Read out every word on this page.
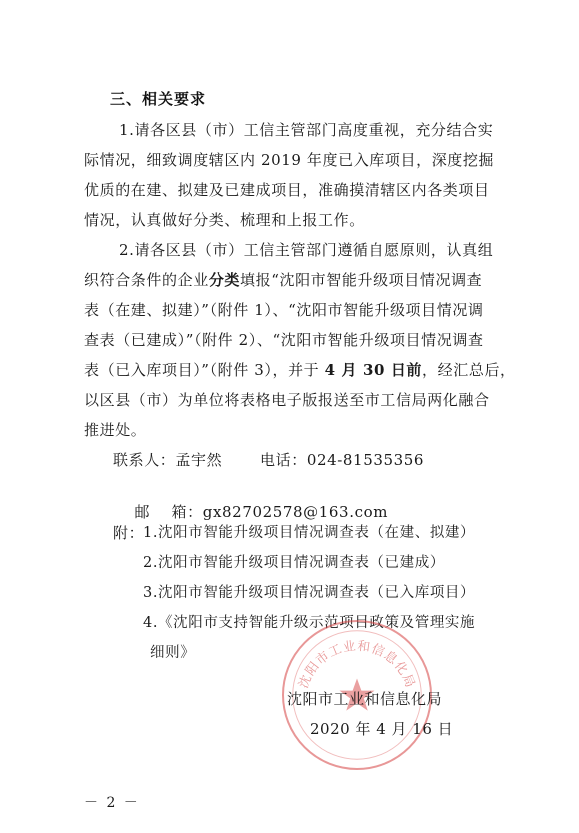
三、相关要求
1.请各区县（市）工信主管部门高度重视，充分结合实
际情况，细致调度辖区内 2019 年度已入库项目，深度挖掘
优质的在建、拟建及已建成项目，准确摸清辖区内各类项目
情况，认真做好分类、梳理和上报工作。
2.请各区县（市）工信主管部门遵循自愿原则，认真组
织符合条件的企业分类填报“沈阳市智能升级项目情况调查
表（在建、拟建）”（附件 1）、“沈阳市智能升级项目情况调
查表（已建成）”（附件 2）、“沈阳市智能升级项目情况调查
表（已入库项目）”（附件 3），并于 4 月 30 日前，经汇总后，
以区县（市）为单位将表格电子版报送至市工信局两化融合
推进处。
联系人：孟宇然	电话：024-81535356

邮    箱：gx82702578@163.com

附：
1.沈阳市智能升级项目情况调查表（在建、拟建）
2.沈阳市智能升级项目情况调查表（已建成）
3.沈阳市智能升级项目情况调查表（已入库项目）
4.《沈阳市支持智能升级示范项目政策及管理实施
细则》
沈阳市工业和信息化局
沈阳市工业和信息化局
2020 年 4 月 16 日
－ 2 －
